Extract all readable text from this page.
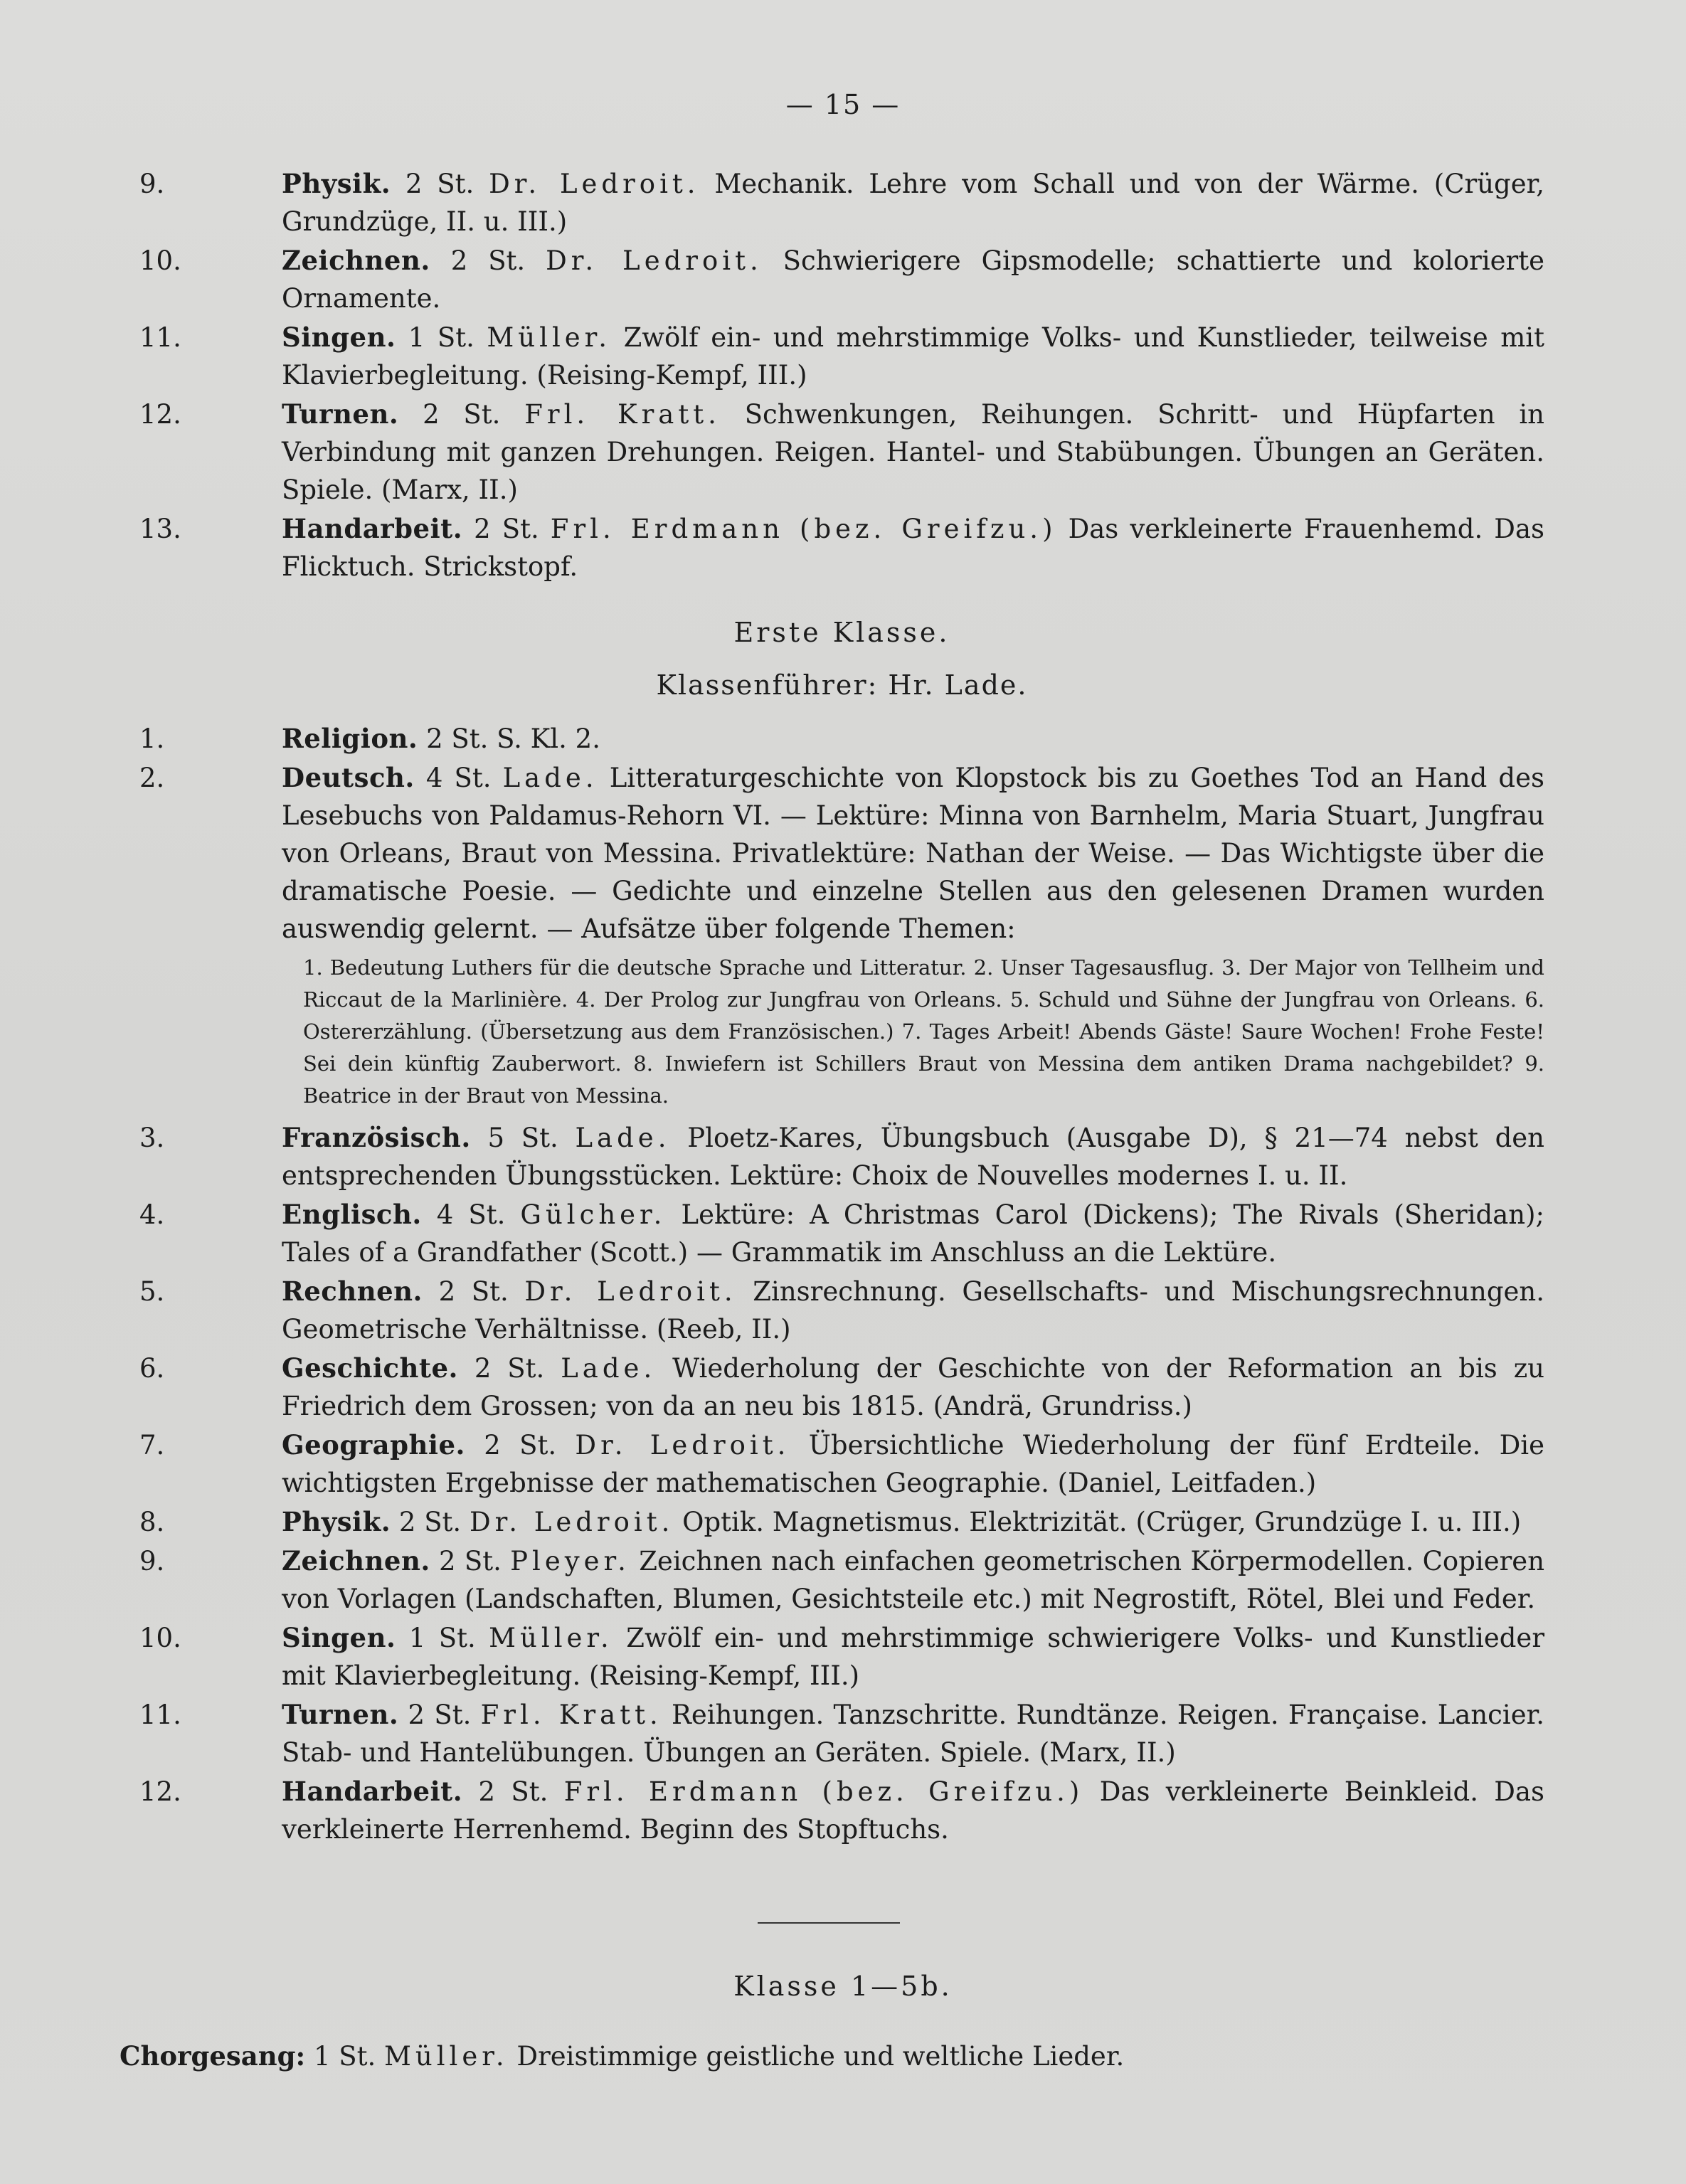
— 15 —
9.	Physik. 2 St. Dr. Ledroit. Mechanik. Lehre vom Schall und von der Wärme. (Crüger, Grundzüge, II. u. III.)
10.	Zeichnen. 2 St. Dr. Ledroit. Schwierigere Gipsmodelle; schattierte und kolorierte Ornamente.
11.	Singen. 1 St. Müller. Zwölf ein- und mehrstimmige Volks- und Kunstlieder, teilweise mit Klavierbegleitung. (Reising-Kempf, III.)
12.	Turnen. 2 St. Frl. Kratt. Schwenkungen, Reihungen. Schritt- und Hüpfarten in Verbindung mit ganzen Drehungen. Reigen. Hantel- und Stabübungen. Übungen an Geräten. Spiele. (Marx, II.)
13.	Handarbeit. 2 St. Frl. Erdmann (bez. Greifzu.) Das verkleinerte Frauenhemd. Das Flicktuch. Strickstopf.
Erste Klasse.
Klassenführer: Hr. Lade.
1.	Religion. 2 St. S. Kl. 2.
2.	Deutsch. 4 St. Lade. Litteraturgeschichte von Klopstock bis zu Goethes Tod an Hand des Lesebuchs von Paldamus-Rehorn VI. — Lektüre: Minna von Barnhelm, Maria Stuart, Jungfrau von Orleans, Braut von Messina. Privatlektüre: Nathan der Weise. — Das Wichtigste über die dramatische Poesie. — Gedichte und einzelne Stellen aus den gelesenen Dramen wurden auswendig gelernt. — Aufsätze über folgende Themen:
1. Bedeutung Luthers für die deutsche Sprache und Litteratur. 2. Unser Tagesausflug. 3. Der Major von Tellheim und Riccaut de la Marlinière. 4. Der Prolog zur Jungfrau von Orleans. 5. Schuld und Sühne der Jungfrau von Orleans. 6. Ostererzählung. (Übersetzung aus dem Französischen.) 7. Tages Arbeit! Abends Gäste! Saure Wochen! Frohe Feste! Sei dein künftig Zauberwort. 8. Inwiefern ist Schillers Braut von Messina dem antiken Drama nachgebildet? 9. Beatrice in der Braut von Messina.
3.	Französisch. 5 St. Lade. Ploetz-Kares, Übungsbuch (Ausgabe D), § 21—74 nebst den entsprechenden Übungsstücken. Lektüre: Choix de Nouvelles modernes I. u. II.
4.	Englisch. 4 St. Gülcher. Lektüre: A Christmas Carol (Dickens); The Rivals (Sheridan); Tales of a Grandfather (Scott.) — Grammatik im Anschluss an die Lektüre.
5.	Rechnen. 2 St. Dr. Ledroit. Zinsrechnung. Gesellschafts- und Mischungsrechnungen. Geometrische Verhältnisse. (Reeb, II.)
6.	Geschichte. 2 St. Lade. Wiederholung der Geschichte von der Reformation an bis zu Friedrich dem Grossen; von da an neu bis 1815. (Andrä, Grundriss.)
7.	Geographie. 2 St. Dr. Ledroit. Übersichtliche Wiederholung der fünf Erdteile. Die wichtigsten Ergebnisse der mathematischen Geographie. (Daniel, Leitfaden.)
8.	Physik. 2 St. Dr. Ledroit. Optik. Magnetismus. Elektrizität. (Crüger, Grundzüge I. u. III.)
9.	Zeichnen. 2 St. Pleyer. Zeichnen nach einfachen geometrischen Körpermodellen. Copieren von Vorlagen (Landschaften, Blumen, Gesichtsteile etc.) mit Negrostift, Rötel, Blei und Feder.
10.	Singen. 1 St. Müller. Zwölf ein- und mehrstimmige schwierigere Volks- und Kunstlieder mit Klavierbegleitung. (Reising-Kempf, III.)
11.	Turnen. 2 St. Frl. Kratt. Reihungen. Tanzschritte. Rundtänze. Reigen. Française. Lancier. Stab- und Hantelübungen. Übungen an Geräten. Spiele. (Marx, II.)
12.	Handarbeit. 2 St. Frl. Erdmann (bez. Greifzu.) Das verkleinerte Beinkleid. Das verkleinerte Herrenhemd. Beginn des Stopftuchs.
Klasse 1—5b.
Chorgesang: 1 St. Müller. Dreistimmige geistliche und weltliche Lieder.
